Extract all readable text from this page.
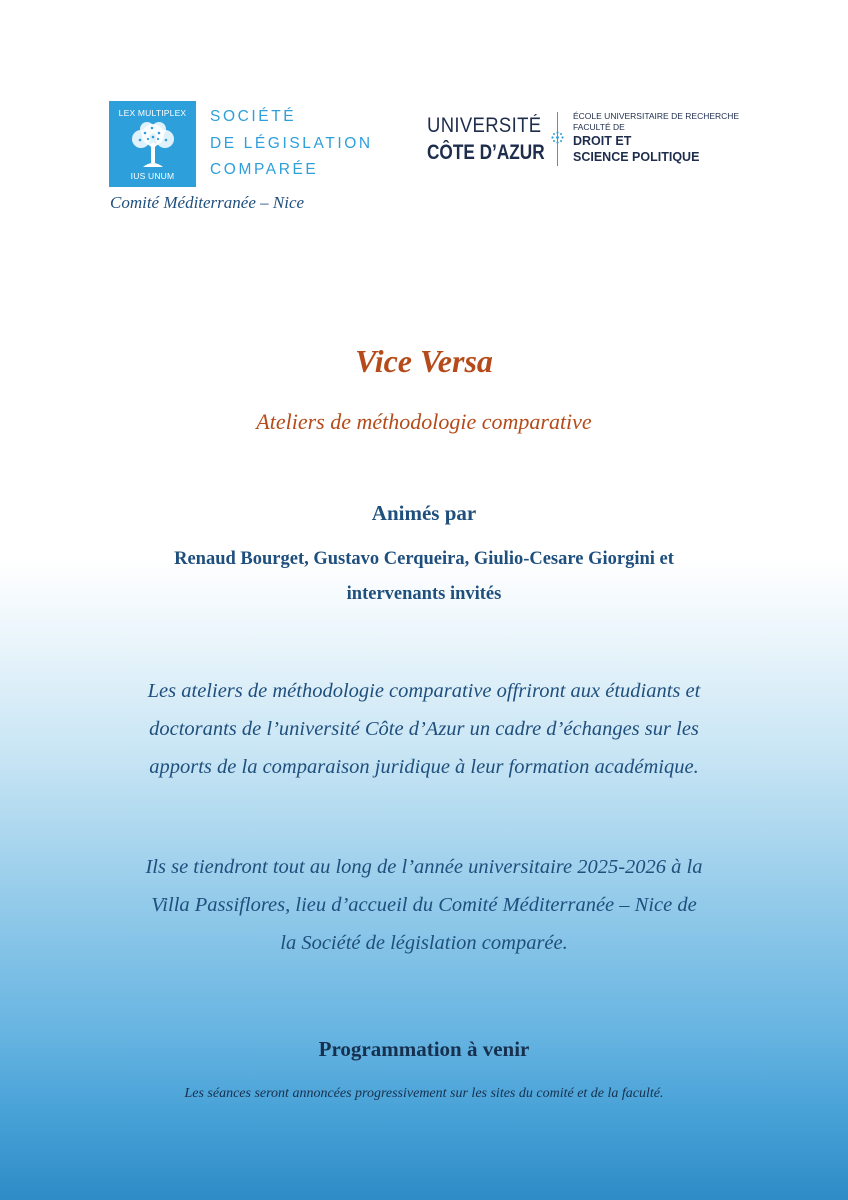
LEX MULTIPLEX
IUS UNUM
SOCIÉTÉ
DE LÉGISLATION
COMPARÉE
Comité Méditerranée – Nice
UNIVERSITÉ
CÔTE D’AZUR
ÉCOLE UNIVERSITAIRE DE RECHERCHE
FACULTÉ DE
DROIT ET
SCIENCE POLITIQUE
Vice Versa
Ateliers de méthodologie comparative
Animés par
Renaud Bourget, Gustavo Cerqueira, Giulio-Cesare Giorgini et
intervenants invités
Les ateliers de méthodologie comparative offriront aux étudiants et
doctorants de l’université Côte d’Azur un cadre d’échanges sur les
apports de la comparaison juridique à leur formation académique.
Ils se tiendront tout au long de l’année universitaire 2025-2026 à la
Villa Passiflores, lieu d’accueil du Comité Méditerranée – Nice de
la Société de législation comparée.
Programmation à venir
Les séances seront annoncées progressivement sur les sites du comité et de la faculté.
